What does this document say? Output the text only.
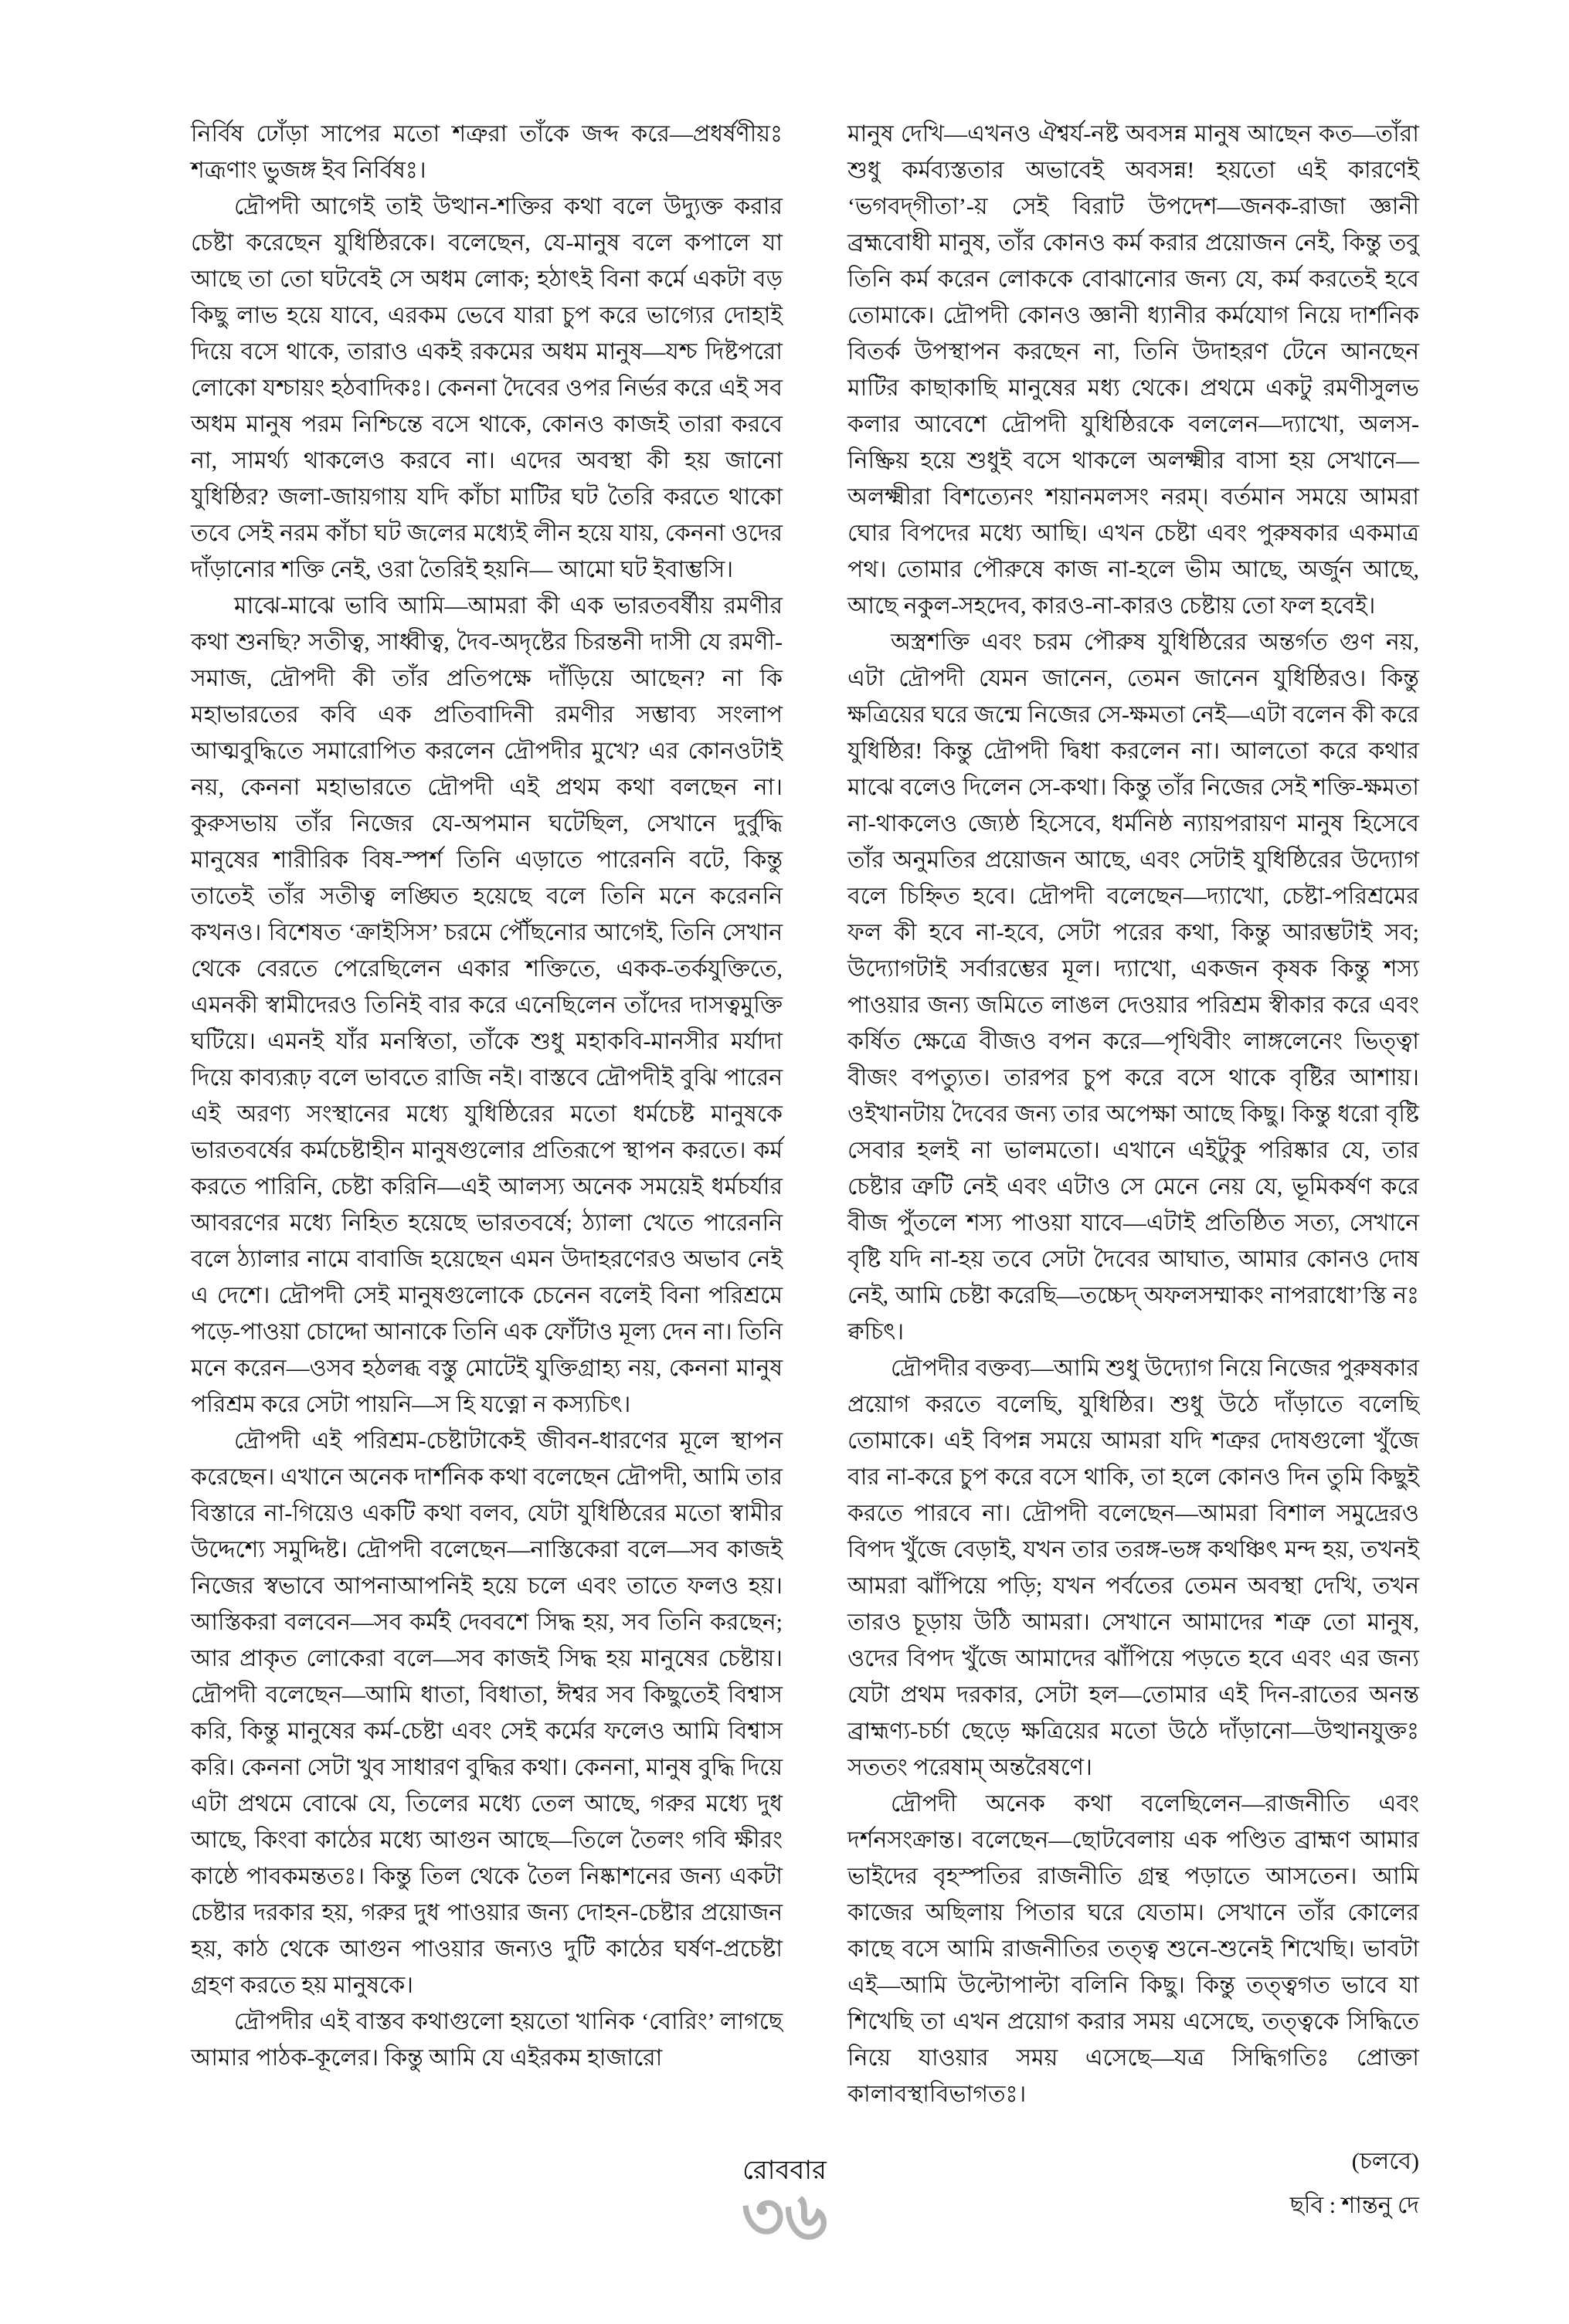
নির্বিষ ঢোঁড়া সাপের মতো শত্রুরা তাঁকে জব্দ করে—প্রধর্ষণীয়ঃ শত্রূণাং ভুজঙ্গ ইব নির্বিষঃ।

দ্রৌপদী আগেই তাই উত্থান-শক্তির কথা বলে উদ্যুক্ত করার চেষ্টা করেছেন যুধিষ্ঠিরকে। বলেছেন, যে-মানুষ বলে কপালে যা আছে তা তো ঘটবেই সে অধম লোক; হঠাৎই বিনা কর্মে একটা বড় কিছু লাভ হয়ে যাবে, এরকম ভেবে যারা চুপ করে ভাগ্যের দোহাই দিয়ে বসে থাকে, তারাও একই রকমের অধম মানুষ—যশ্চ দিষ্টপরো লোকো যশ্চায়ং হঠবাদিকঃ। কেননা দৈবের ওপর নির্ভর করে এই সব অধম মানুষ পরম নিশ্চিন্তে বসে থাকে, কোনও কাজই তারা করবে না, সামর্থ্য থাকলেও করবে না। এদের অবস্থা কী হয় জানো যুধিষ্ঠির? জলা-জায়গায় যদি কাঁচা মাটির ঘট তৈরি করতে থাকো তবে সেই নরম কাঁচা ঘট জলের মধ্যেই লীন হয়ে যায়, কেননা ওদের দাঁড়ানোর শক্তি নেই, ওরা তৈরিই হয়নি— আমো ঘট ইবাম্ভসি।

মাঝে-মাঝে ভাবি আমি—আমরা কী এক ভারতবর্ষীয় রমণীর কথা শুনছি? সতীত্ব, সাধ্বীত্ব, দৈব-অদৃষ্টের চিরন্তনী দাসী যে রমণী-সমাজ, দ্রৌপদী কী তাঁর প্রতিপক্ষে দাঁড়িয়ে আছেন? না কি মহাভারতের কবি এক প্রতিবাদিনী রমণীর সম্ভাব্য সংলাপ আত্মবুদ্ধিতে সমারোপিত করলেন দ্রৌপদীর মুখে? এর কোনওটাই নয়, কেননা মহাভারতে দ্রৌপদী এই প্রথম কথা বলছেন না। কুরুসভায় তাঁর নিজের যে-অপমান ঘটেছিল, সেখানে দুর্বুদ্ধি মানুষের শারীরিক বিষ-স্পর্শ তিনি এড়াতে পারেননি বটে, কিন্তু তাতেই তাঁর সতীত্ব লঙ্ঘিত হয়েছে বলে তিনি মনে করেননি কখনও। বিশেষত ‘ক্রাইসিস’ চরমে পৌঁছনোর আগেই, তিনি সেখান থেকে বেরতে পেরেছিলেন একার শক্তিতে, একক-তর্কযুক্তিতে, এমনকী স্বামীদেরও তিনিই বার করে এনেছিলেন তাঁদের দাসত্বমুক্তি ঘটিয়ে। এমনই যাঁর মনস্বিতা, তাঁকে শুধু মহাকবি-মানসীর মর্যাদা দিয়ে কাব্যরূঢ় বলে ভাবতে রাজি নই। বাস্তবে দ্রৌপদীই বুঝি পারেন এই অরণ্য সংস্থানের মধ্যে যুধিষ্ঠিরের মতো ধর্মচেষ্ট মানুষকে ভারতবর্ষের কর্মচেষ্টাহীন মানুষগুলোর প্রতিরূপে স্থাপন করতে। কর্ম করতে পারিনি, চেষ্টা করিনি—এই আলস্য অনেক সময়েই ধর্মচর্যার আবরণের মধ্যে নিহিত হয়েছে ভারতবর্ষে; ঠ্যালা খেতে পারেননি বলে ঠ্যালার নামে বাবাজি হয়েছেন এমন উদাহরণেরও অভাব নেই এ দেশে। দ্রৌপদী সেই মানুষগুলোকে চেনেন বলেই বিনা পরিশ্রমে পড়ে-পাওয়া চোদ্দো আনাকে তিনি এক ফোঁটাও মূল্য দেন না। তিনি মনে করেন—ওসব হঠলব্ধ বস্তু মোটেই যুক্তিগ্রাহ্য নয়, কেননা মানুষ পরিশ্রম করে সেটা পায়নি—স হি যত্নো ন কস্যচিৎ।

দ্রৌপদী এই পরিশ্রম-চেষ্টাটাকেই জীবন-ধারণের মূলে স্থাপন করেছেন। এখানে অনেক দার্শনিক কথা বলেছেন দ্রৌপদী, আমি তার বিস্তারে না-গিয়েও একটি কথা বলব, যেটা যুধিষ্ঠিরের মতো স্বামীর উদ্দেশ্যে সমুদ্দিষ্ট। দ্রৌপদী বলেছেন—নাস্তিকেরা বলে—সব কাজই নিজের স্বভাবে আপনাআপনিই হয়ে চলে এবং তাতে ফলও হয়। আস্তিকরা বলবেন—সব কর্মই দেববশে সিদ্ধ হয়, সব তিনি করছেন; আর প্রাকৃত লোকেরা বলে—সব কাজই সিদ্ধ হয় মানুষের চেষ্টায়। দ্রৌপদী বলেছেন—আমি ধাতা, বিধাতা, ঈশ্বর সব কিছুতেই বিশ্বাস করি, কিন্তু মানুষের কর্ম-চেষ্টা এবং সেই কর্মের ফলেও আমি বিশ্বাস করি। কেননা সেটা খুব সাধারণ বুদ্ধির কথা। কেননা, মানুষ বুদ্ধি দিয়ে এটা প্রথমে বোঝে যে, তিলের মধ্যে তেল আছে, গরুর মধ্যে দুধ আছে, কিংবা কাঠের মধ্যে আগুন আছে—তিলে তৈলং গবি ক্ষীরং কাষ্ঠে পাবকমন্ততঃ। কিন্তু তিল থেকে তৈল নিষ্কাশনের জন্য একটা চেষ্টার দরকার হয়, গরুর দুধ পাওয়ার জন্য দোহন-চেষ্টার প্রয়োজন হয়, কাঠ থেকে আগুন পাওয়ার জন্যও দুটি কাঠের ঘর্ষণ-প্রচেষ্টা গ্রহণ করতে হয় মানুষকে।

দ্রৌপদীর এই বাস্তব কথাগুলো হয়তো খানিক ‘বোরিং’ লাগছে আমার পাঠক-কূলের। কিন্তু আমি যে এইরকম হাজারো

মানুষ দেখি—এখনও ঐশ্বর্য-নষ্ট অবসন্ন মানুষ আছেন কত—তাঁরা শুধু কর্মব্যস্ততার অভাবেই অবসন্ন! হয়তো এই কারণেই ‘ভগবদ্‌গীতা’-য় সেই বিরাট উপদেশ—জনক-রাজা জ্ঞানী ব্রহ্মবোধী মানুষ, তাঁর কোনও কর্ম করার প্রয়োজন নেই, কিন্তু তবু তিনি কর্ম করেন লোককে বোঝানোর জন্য যে, কর্ম করতেই হবে তোমাকে। দ্রৌপদী কোনও জ্ঞানী ধ্যানীর কর্মযোগ নিয়ে দার্শনিক বিতর্ক উপস্থাপন করছেন না, তিনি উদাহরণ টেনে আনছেন মাটির কাছাকাছি মানুষের মধ্য থেকে। প্রথমে একটু রমণীসুলভ কলার আবেশে দ্রৌপদী যুধিষ্ঠিরকে বললেন—দ্যাখো, অলস-নিষ্ক্রিয় হয়ে শুধুই বসে থাকলে অলক্ষ্মীর বাসা হয় সেখানে—অলক্ষ্মীরা বিশত্যেনং শয়ানমলসং নরম্‌। বর্তমান সময়ে আমরা ঘোর বিপদের মধ্যে আছি। এখন চেষ্টা এবং পুরুষকার একমাত্র পথ। তোমার পৌরুষে কাজ না-হলে ভীম আছে, অর্জুন আছে, আছে নকুল-সহদেব, কারও-না-কারও চেষ্টায় তো ফল হবেই।

অস্ত্রশক্তি এবং চরম পৌরুষ যুধিষ্ঠিরের অন্তর্গত গুণ নয়, এটা দ্রৌপদী যেমন জানেন, তেমন জানেন যুধিষ্ঠিরও। কিন্তু ক্ষত্রিয়ের ঘরে জন্মে নিজের সে-ক্ষমতা নেই—এটা বলেন কী করে যুধিষ্ঠির! কিন্তু দ্রৌপদী দ্বিধা করলেন না। আলতো করে কথার মাঝে বলেও দিলেন সে-কথা। কিন্তু তাঁর নিজের সেই শক্তি-ক্ষমতা না-থাকলেও জ্যেষ্ঠ হিসেবে, ধর্মনিষ্ঠ ন্যায়পরায়ণ মানুষ হিসেবে তাঁর অনুমতির প্রয়োজন আছে, এবং সেটাই যুধিষ্ঠিরের উদ্যোগ বলে চিহ্নিত হবে। দ্রৌপদী বলেছেন—দ্যাখো, চেষ্টা-পরিশ্রমের ফল কী হবে না-হবে, সেটা পরের কথা, কিন্তু আরম্ভটাই সব; উদ্যোগটাই সর্বারম্ভের মূল। দ্যাখো, একজন কৃষক কিন্তু শস্য পাওয়ার জন্য জমিতে লাঙল দেওয়ার পরিশ্রম স্বীকার করে এবং কর্ষিত ক্ষেত্রে বীজও বপন করে—পৃথিবীং লাঙ্গলেনেং ভিত্ত্বা বীজং বপত্যুত। তারপর চুপ করে বসে থাকে বৃষ্টির আশায়। ওইখানটায় দৈবের জন্য তার অপেক্ষা আছে কিছু। কিন্তু ধরো বৃষ্টি সেবার হলই না ভালমতো। এখানে এইটুকু পরিষ্কার যে, তার চেষ্টার ত্রুটি নেই এবং এটাও সে মেনে নেয় যে, ভূমিকর্ষণ করে বীজ পুঁতলে শস্য পাওয়া যাবে—এটাই প্রতিষ্ঠিত সত্য, সেখানে বৃষ্টি যদি না-হয় তবে সেটা দৈবের আঘাত, আমার কোনও দোষ নেই, আমি চেষ্টা করেছি—তচ্চেদ্‌ অফলসম্মাকং নাপরাধো’স্তি নঃ ক্বচিৎ।

দ্রৌপদীর বক্তব্য—আমি শুধু উদ্যোগ নিয়ে নিজের পুরুষকার প্রয়োগ করতে বলেছি, যুধিষ্ঠির। শুধু উঠে দাঁড়াতে বলেছি তোমাকে। এই বিপন্ন সময়ে আমরা যদি শত্রুর দোষগুলো খুঁজে বার না-করে চুপ করে বসে থাকি, তা হলে কোনও দিন তুমি কিছুই করতে পারবে না। দ্রৌপদী বলেছেন—আমরা বিশাল সমুদ্রেরও বিপদ খুঁজে বেড়াই, যখন তার তরঙ্গ-ভঙ্গ কথঞ্চিৎ মন্দ হয়, তখনই আমরা ঝাঁপিয়ে পড়ি; যখন পর্বতের তেমন অবস্থা দেখি, তখন তারও চূড়ায় উঠি আমরা। সেখানে আমাদের শত্রু তো মানুষ, ওদের বিপদ খুঁজে আমাদের ঝাঁপিয়ে পড়তে হবে এবং এর জন্য যেটা প্রথম দরকার, সেটা হল—তোমার এই দিন-রাতের অনন্ত ব্রাহ্মণ্য-চর্চা ছেড়ে ক্ষত্রিয়ের মতো উঠে দাঁড়ানো—উত্থানযুক্তঃ সততং পরেষাম্‌ অন্তরৈষণে।

দ্রৌপদী অনেক কথা বলেছিলেন—রাজনীতি এবং দর্শনসংক্রান্ত। বলেছেন—ছোটবেলায় এক পণ্ডিত ব্রাহ্মণ আমার ভাইদের বৃহস্পতির রাজনীতি গ্রন্থ পড়াতে আসতেন। আমি কাজের অছিলায় পিতার ঘরে যেতাম। সেখানে তাঁর কোলের কাছে বসে আমি রাজনীতির তত্ত্ব শুনে-শুনেই শিখেছি। ভাবটা এই—আমি উল্টোপাল্টা বলিনি কিছু। কিন্তু তত্ত্বগত ভাবে যা শিখেছি তা এখন প্রয়োগ করার সময় এসেছে, তত্ত্বকে সিদ্ধিতে নিয়ে যাওয়ার সময় এসেছে—যত্র সিদ্ধিগতিঃ প্রোক্তা কালাবস্থাবিভাগতঃ।

(চলবে)

ছবি : শান্তনু দে

রোববার
৩৬
